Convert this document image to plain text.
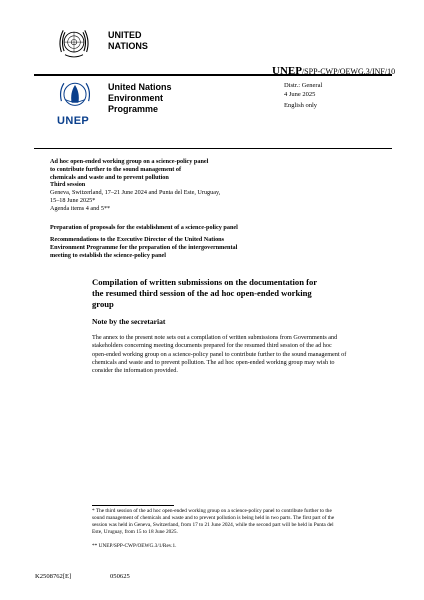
UNITED
NATIONS
UNEP/SPP-CWP/OEWG.3/INF/10
UNEP
United Nations
Environment
Programme
Distr.: General
4 June 2025
English only
Ad hoc open-ended working group on a science-policy panel
to contribute further to the sound management of
chemicals and waste and to prevent pollution
Third session
Geneva, Switzerland, 17–21 June 2024 and Punta del Este, Uruguay,
15–18 June 2025*
Agenda items 4 and 5**
Preparation of proposals for the establishment of a science-policy panel
Recommendations to the Executive Director of the United Nations
Environment Programme for the preparation of the intergovernmental
meeting to establish the science-policy panel
Compilation of written submissions on the documentation for
the resumed third session of the ad hoc open-ended working
group
Note by the secretariat
The annex to the present note sets out a compilation of written submissions from Governments and
stakeholders concerning meeting documents prepared for the resumed third session of the ad hoc
open-ended working group on a science-policy panel to contribute further to the sound management of
chemicals and waste and to prevent pollution. The ad hoc open-ended working group may wish to
consider the information provided.
* The third session of the ad hoc open-ended working group on a science-policy panel to contribute further to the
sound management of chemicals and waste and to prevent pollution is being held in two parts. The first part of the
session was held in Geneva, Switzerland, from 17 to 21 June 2024, while the second part will be held in Punta del
Este, Uruguay, from 15 to 18 June 2025.
** UNEP/SPP-CWP/OEWG.3/1/Rev.1.
K2508762[E]	050625
